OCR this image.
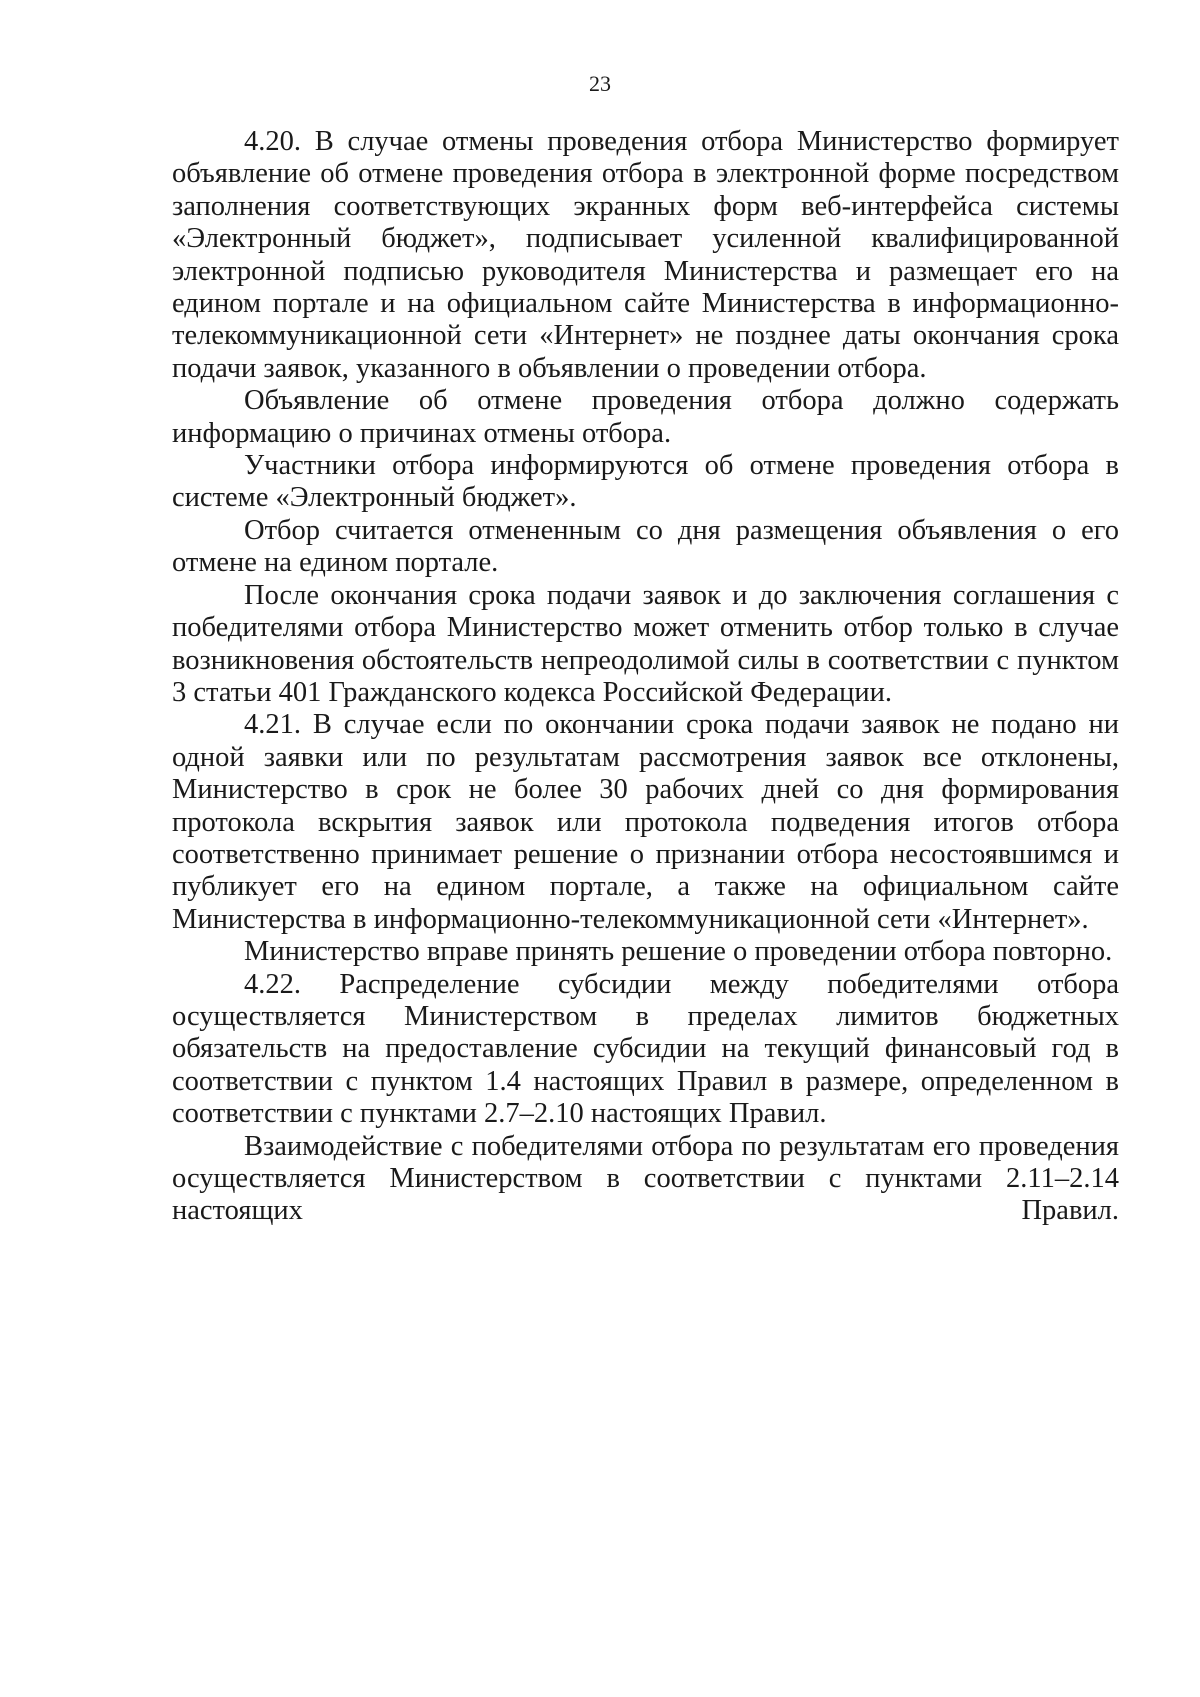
23

4.20. В случае отмены проведения отбора Министерство формирует объявление об отмене проведения отбора в электронной форме посредством заполнения соответствующих экранных форм веб-интерфейса системы «Электронный бюджет», подписывает усиленной квалифицированной электронной подписью руководителя Министерства и размещает его на едином портале и на официальном сайте Министерства в информационно-телекоммуникационной сети «Интернет» не позднее даты окончания срока подачи заявок, указанного в объявлении о проведении отбора.

Объявление об отмене проведения отбора должно содержать информацию о причинах отмены отбора.

Участники отбора информируются об отмене проведения отбора в системе «Электронный бюджет».

Отбор считается отмененным со дня размещения объявления о его отмене на едином портале.

После окончания срока подачи заявок и до заключения соглашения с победителями отбора Министерство может отменить отбор только в случае возникновения обстоятельств непреодолимой силы в соответствии с пунктом 3 статьи 401 Гражданского кодекса Российской Федерации.

4.21. В случае если по окончании срока подачи заявок не подано ни одной заявки или по результатам рассмотрения заявок все отклонены, Министерство в срок не более 30 рабочих дней со дня формирования протокола вскрытия заявок или протокола подведения итогов отбора соответственно принимает решение о признании отбора несостоявшимся и публикует его на едином портале, а также на официальном сайте Министерства в информационно-телекоммуникационной сети «Интернет».

Министерство вправе принять решение о проведении отбора повторно.

4.22. Распределение субсидии между победителями отбора осуществляется Министерством в пределах лимитов бюджетных обязательств на предоставление субсидии на текущий финансовый год в соответствии с пунктом 1.4 настоящих Правил в размере, определенном в соответствии с пунктами 2.7–2.10 настоящих Правил.

Взаимодействие с победителями отбора по результатам его проведения осуществляется Министерством в соответствии с пунктами 2.11–2.14 настоящих Правил.
